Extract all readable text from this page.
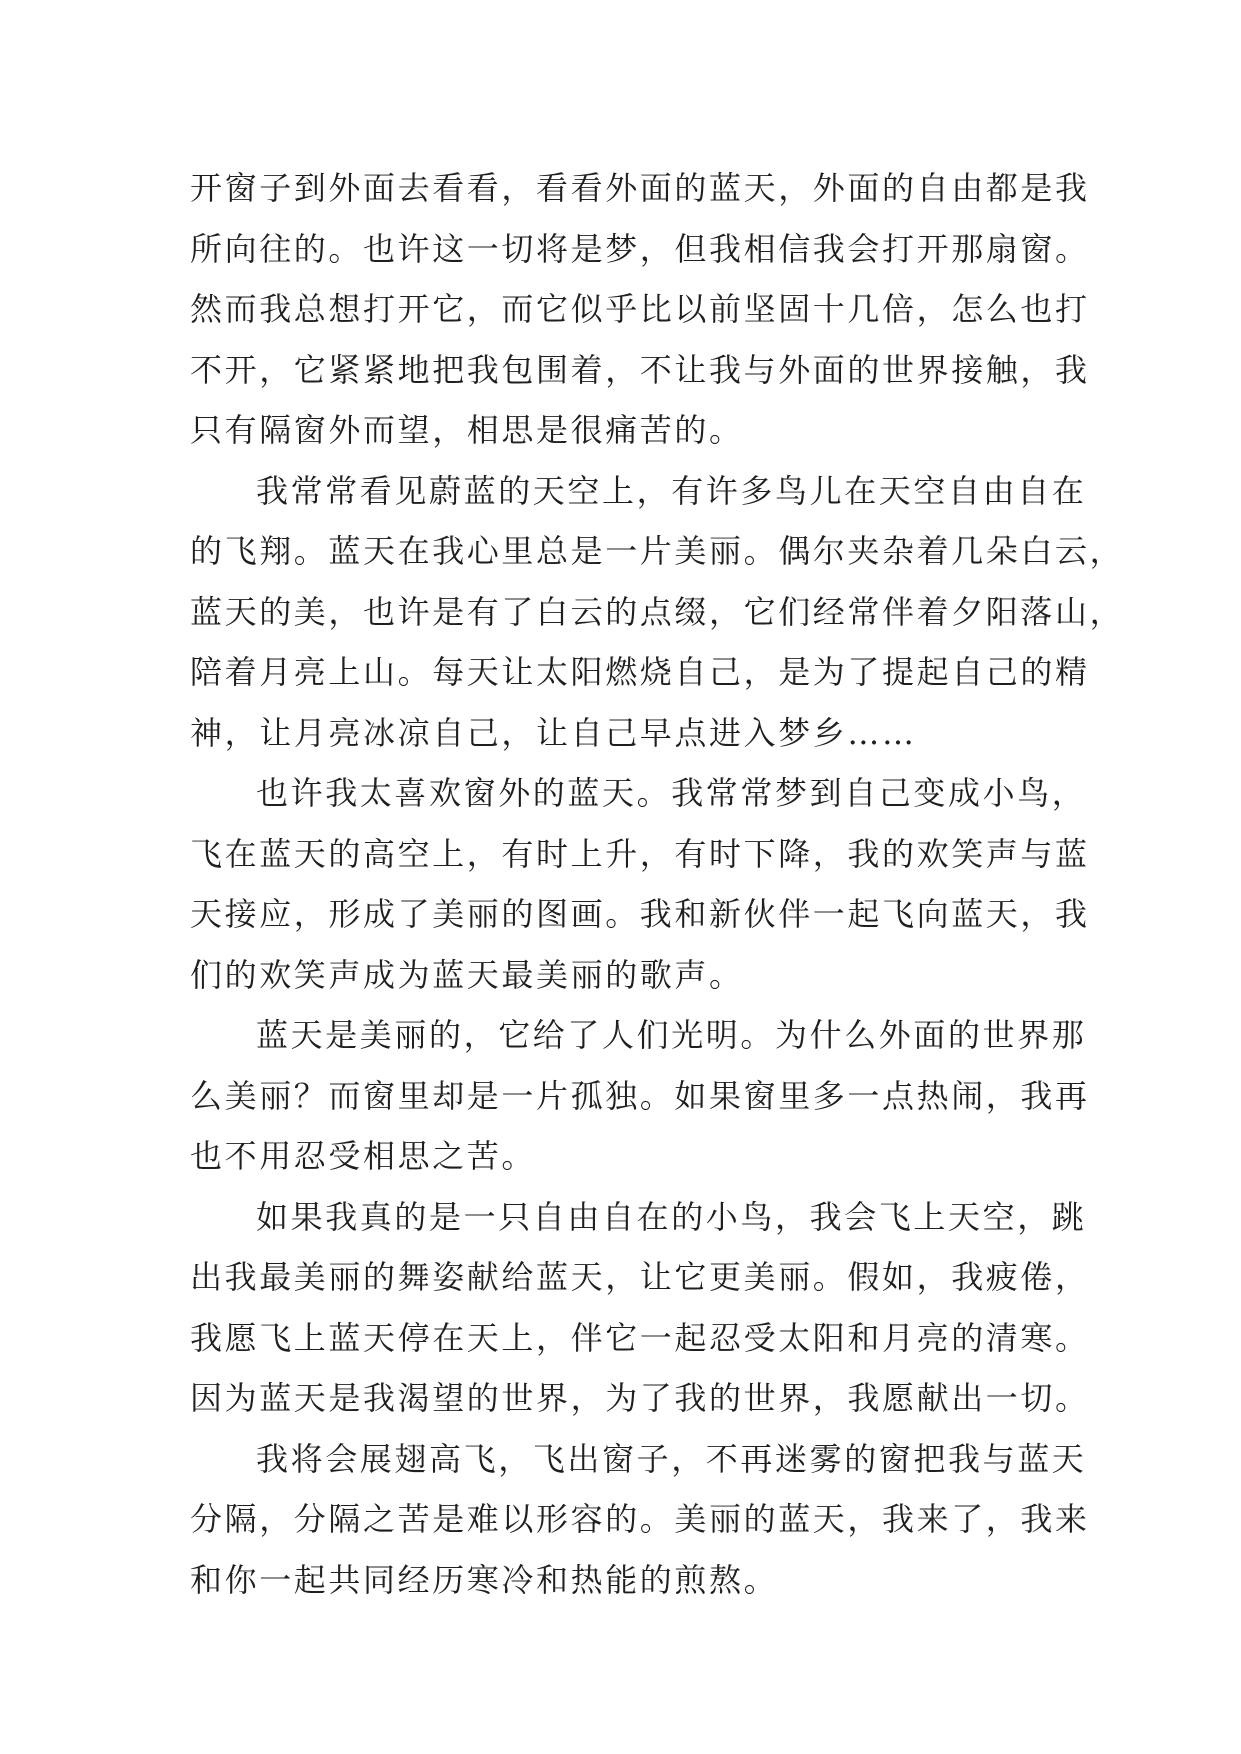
开窗子到外面去看看，看看外面的蓝天，外面的自由都是我
所向往的。也许这一切将是梦，但我相信我会打开那扇窗。
然而我总想打开它，而它似乎比以前坚固十几倍，怎么也打
不开，它紧紧地把我包围着，不让我与外面的世界接触，我
只有隔窗外而望，相思是很痛苦的。
我常常看见蔚蓝的天空上，有许多鸟儿在天空自由自在
的飞翔。蓝天在我心里总是一片美丽。偶尔夹杂着几朵白云，
蓝天的美，也许是有了白云的点缀，它们经常伴着夕阳落山，
陪着月亮上山。每天让太阳燃烧自己，是为了提起自己的精
神，让月亮冰凉自己，让自己早点进入梦乡……
也许我太喜欢窗外的蓝天。我常常梦到自己变成小鸟，
飞在蓝天的高空上，有时上升，有时下降，我的欢笑声与蓝
天接应，形成了美丽的图画。我和新伙伴一起飞向蓝天，我
们的欢笑声成为蓝天最美丽的歌声。
蓝天是美丽的，它给了人们光明。为什么外面的世界那
么美丽？而窗里却是一片孤独。如果窗里多一点热闹，我再
也不用忍受相思之苦。
如果我真的是一只自由自在的小鸟，我会飞上天空，跳
出我最美丽的舞姿献给蓝天，让它更美丽。假如，我疲倦，
我愿飞上蓝天停在天上，伴它一起忍受太阳和月亮的清寒。
因为蓝天是我渴望的世界，为了我的世界，我愿献出一切。
我将会展翅高飞，飞出窗子，不再迷雾的窗把我与蓝天
分隔，分隔之苦是难以形容的。美丽的蓝天，我来了，我来
和你一起共同经历寒冷和热能的煎熬。
